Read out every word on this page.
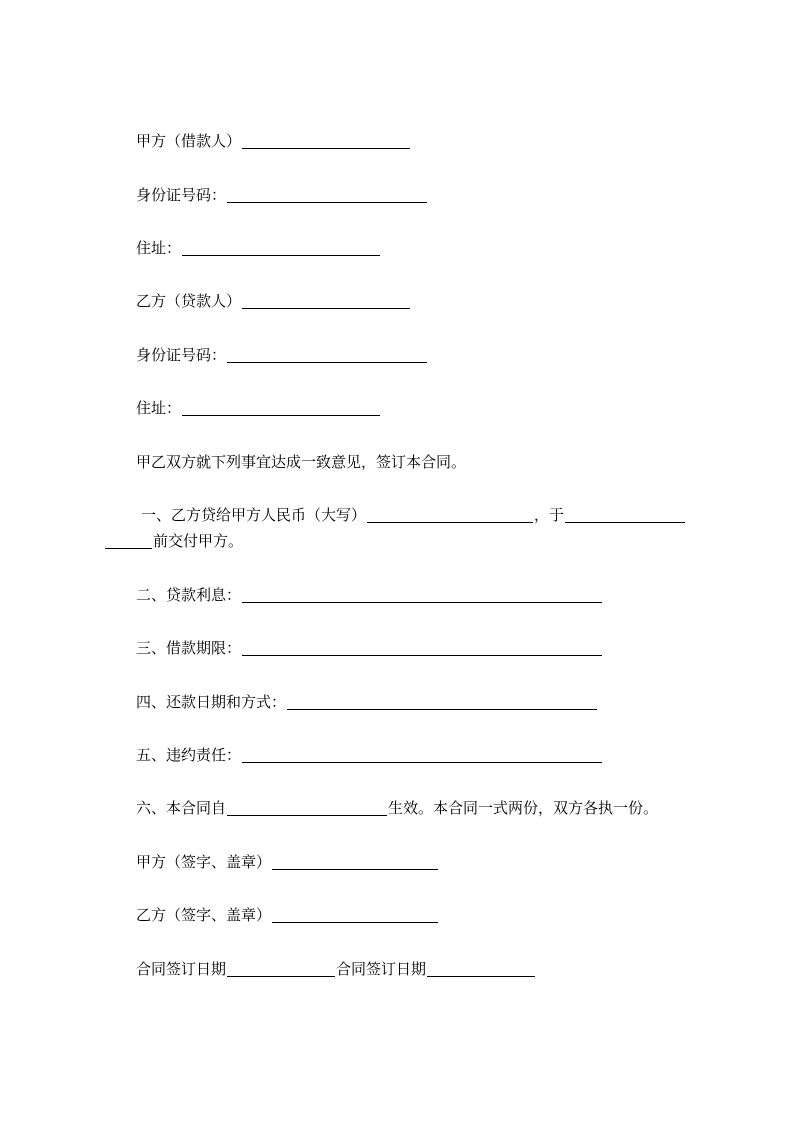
甲方（借款人）
身份证号码：
住址：
乙方（贷款人）
身份证号码：
住址：
甲乙双方就下列事宜达成一致意见，签订本合同。
一、乙方贷给甲方人民币（大写）	，于
前交付甲方。
二、贷款利息：
三、借款期限：
四、还款日期和方式：
五、违约责任：
六、本合同自	生效。本合同一式两份，双方各执一份。
甲方（签字、盖章）
乙方（签字、盖章）
合同签订日期	合同签订日期
